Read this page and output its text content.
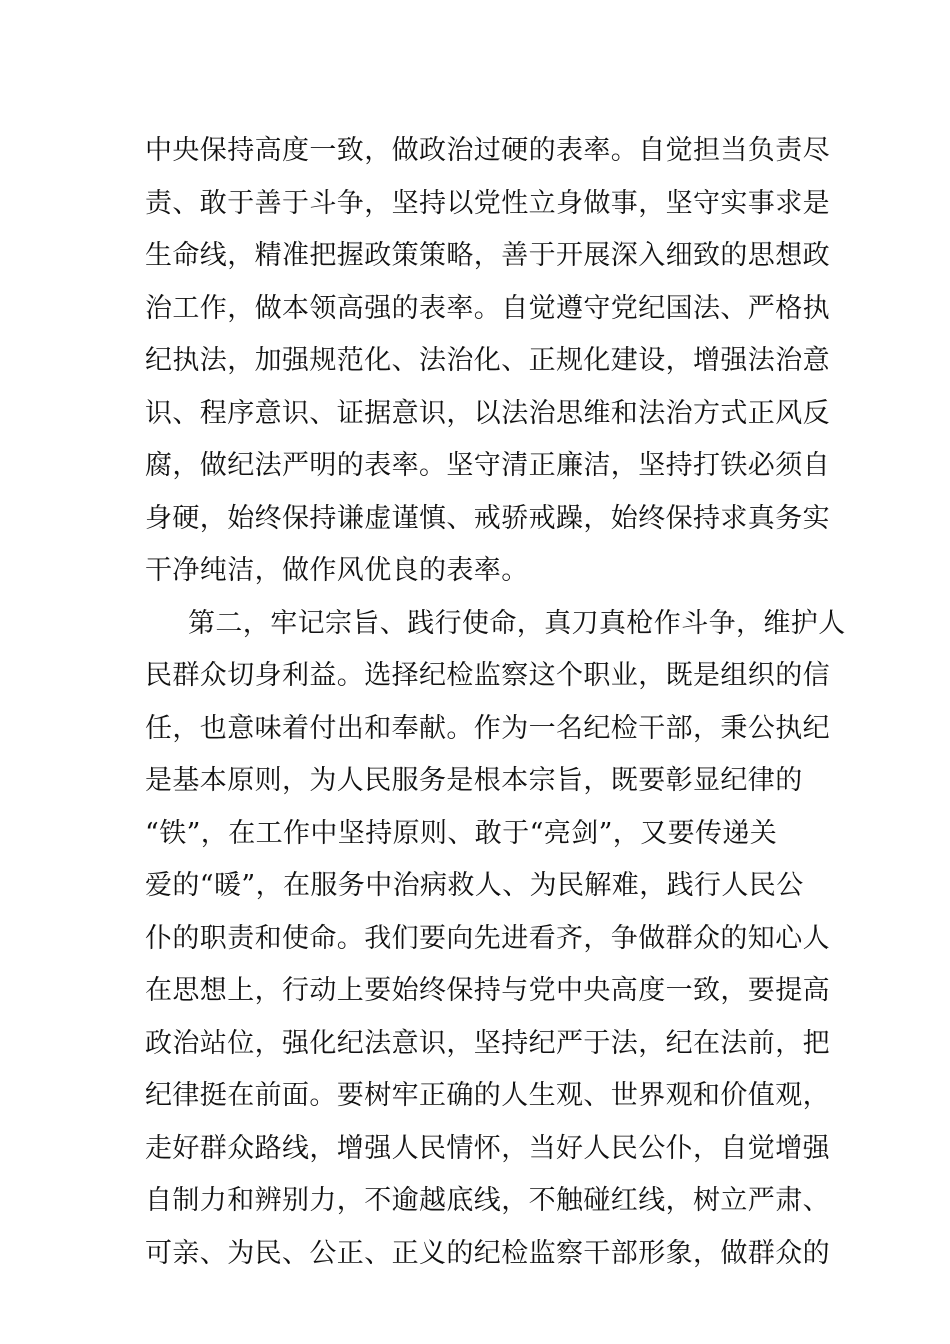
中央保持高度一致，做政治过硬的表率。自觉担当负责尽
责、敢于善于斗争，坚持以党性立身做事，坚守实事求是
生命线，精准把握政策策略，善于开展深入细致的思想政
治工作，做本领高强的表率。自觉遵守党纪国法、严格执
纪执法，加强规范化、法治化、正规化建设，增强法治意
识、程序意识、证据意识，以法治思维和法治方式正风反
腐，做纪法严明的表率。坚守清正廉洁，坚持打铁必须自
身硬，始终保持谦虚谨慎、戒骄戒躁，始终保持求真务实
干净纯洁，做作风优良的表率。
第二，牢记宗旨、践行使命，真刀真枪作斗争，维护人
民群众切身利益。选择纪检监察这个职业，既是组织的信
任，也意味着付出和奉献。作为一名纪检干部，秉公执纪
是基本原则，为人民服务是根本宗旨，既要彰显纪律的
“铁”，在工作中坚持原则、敢于“亮剑”，又要传递关
爱的“暖”，在服务中治病救人、为民解难，践行人民公
仆的职责和使命。我们要向先进看齐，争做群众的知心人
在思想上，行动上要始终保持与党中央高度一致，要提高
政治站位，强化纪法意识，坚持纪严于法，纪在法前，把
纪律挺在前面。要树牢正确的人生观、世界观和价值观，
走好群众路线，增强人民情怀，当好人民公仆，自觉增强
自制力和辨别力，不逾越底线，不触碰红线，树立严肃、
可亲、为民、公正、正义的纪检监察干部形象，做群众的
